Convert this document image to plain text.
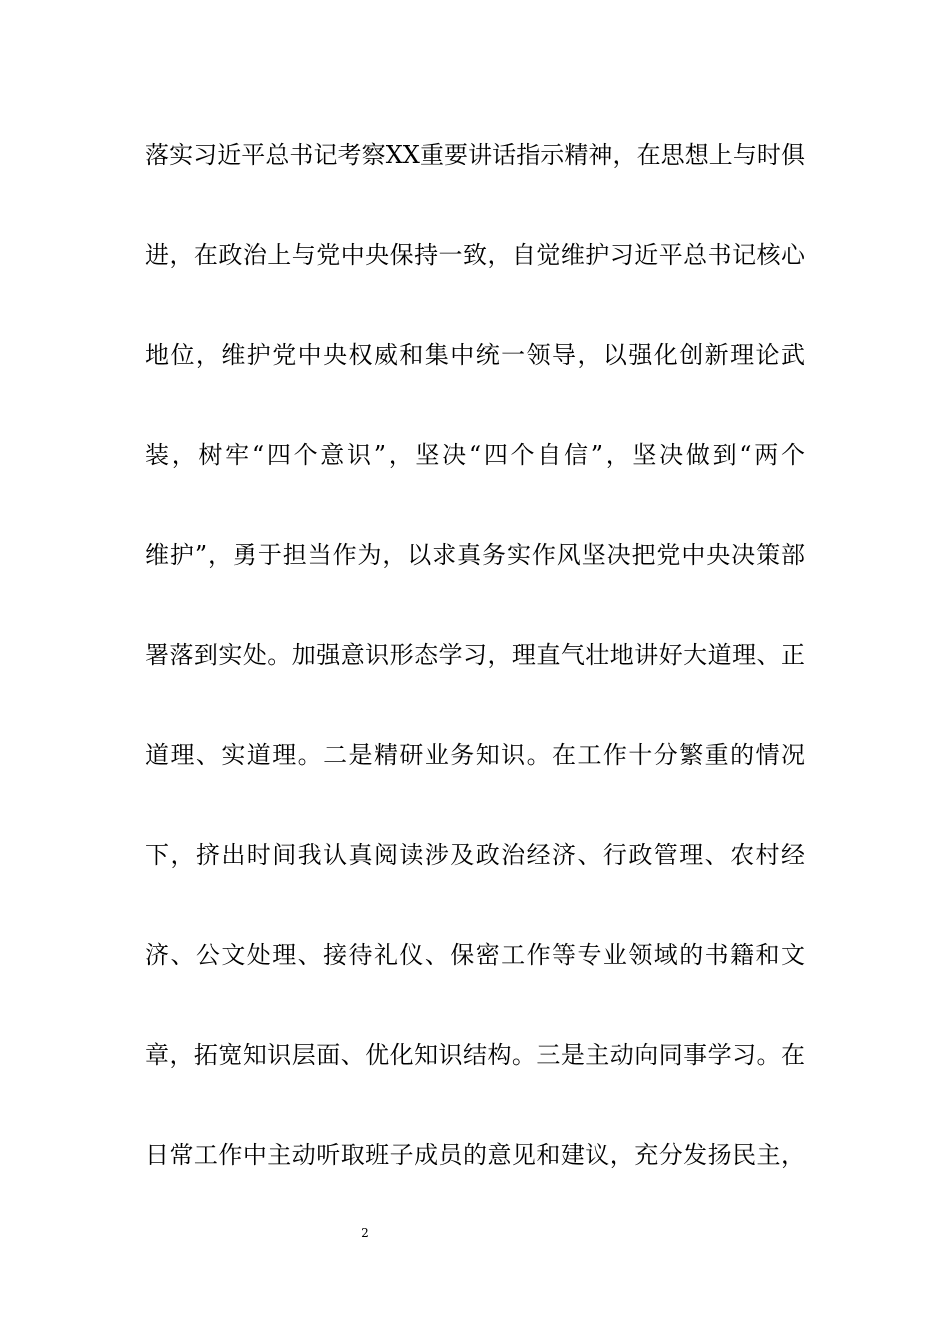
落实习近平总书记考察XX重要讲话指示精神，在思想上与时俱
进，在政治上与党中央保持一致，自觉维护习近平总书记核心
地位，维护党中央权威和集中统一领导，以强化创新理论武
装，树牢“四个意识”，坚决“四个自信”，坚决做到“两个
维护”，勇于担当作为，以求真务实作风坚决把党中央决策部
署落到实处。加强意识形态学习，理直气壮地讲好大道理、正
道理、实道理。二是精研业务知识。在工作十分繁重的情况
下，挤出时间我认真阅读涉及政治经济、行政管理、农村经
济、公文处理、接待礼仪、保密工作等专业领域的书籍和文
章，拓宽知识层面、优化知识结构。三是主动向同事学习。在
日常工作中主动听取班子成员的意见和建议，充分发扬民主，
2
